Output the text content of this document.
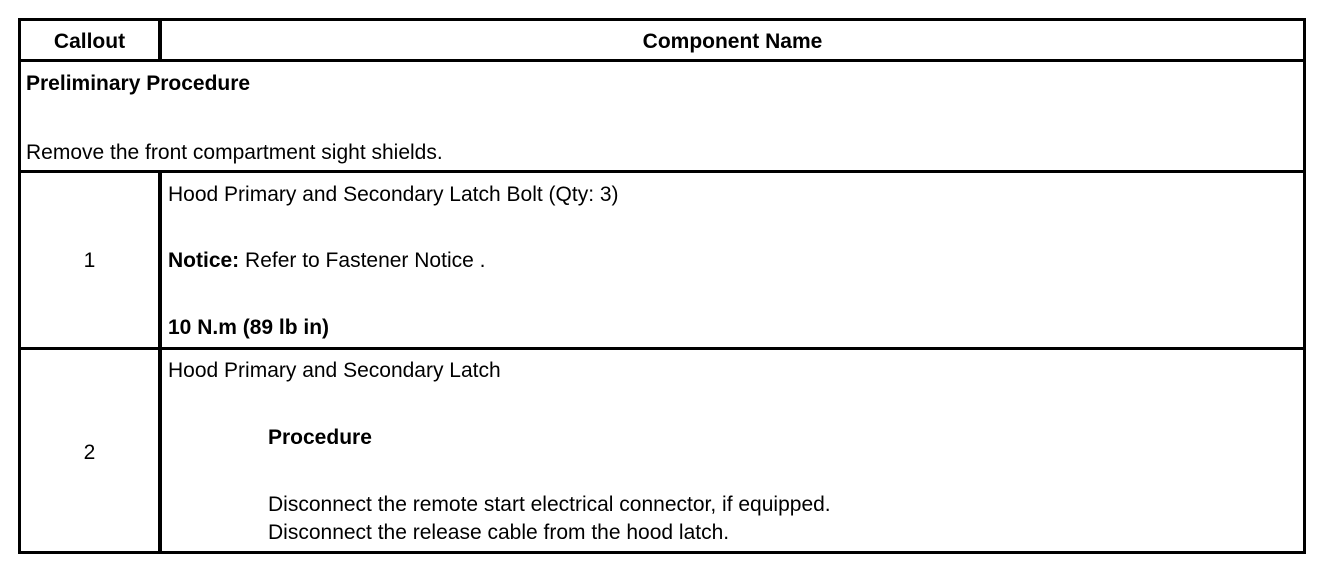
Callout	Component Name
Preliminary Procedure
Remove the front compartment sight shields.
1
Hood Primary and Secondary Latch Bolt (Qty: 3)
Notice: Refer to Fastener Notice .
10 N.m (89 lb in)
2
Hood Primary and Secondary Latch
Procedure
Disconnect the remote start electrical connector, if equipped.
Disconnect the release cable from the hood latch.
